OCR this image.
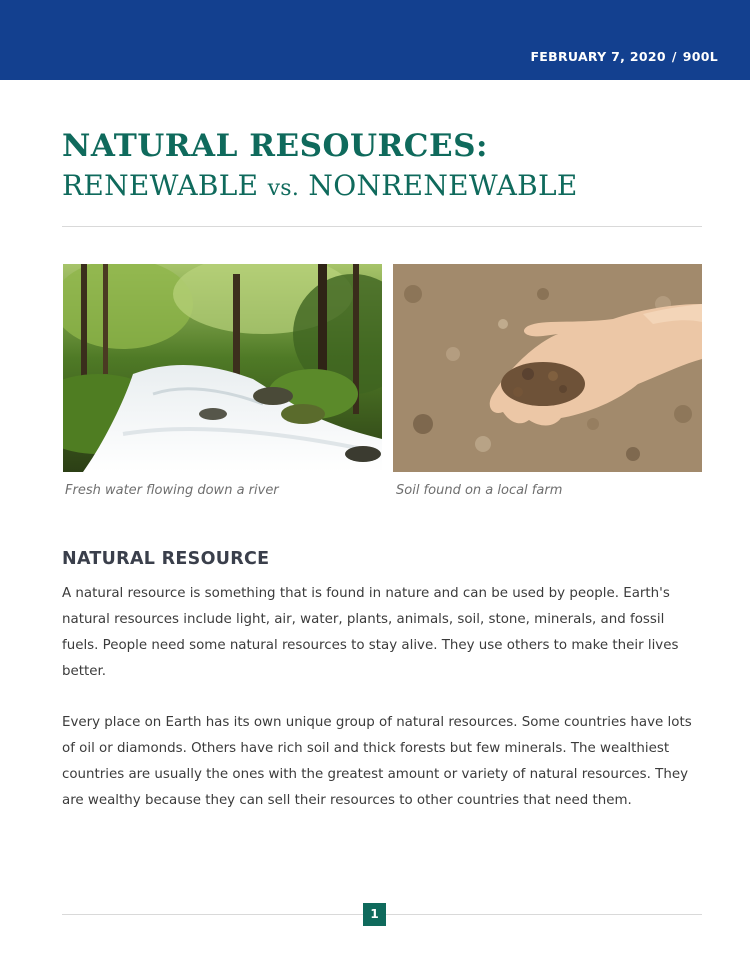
FEBRUARY 7, 2020 / 900L
NATURAL RESOURCES:
RENEWABLE vs. NONRENEWABLE

Fresh water flowing down a river	Soil found on a local farm

NATURAL RESOURCE

A natural resource is something that is found in nature and can be used by people. Earth's natural resources include light, air, water, plants, animals, soil, stone, minerals, and fossil fuels. People need some natural resources to stay alive. They use others to make their lives better.

Every place on Earth has its own unique group of natural resources. Some countries have lots of oil or diamonds. Others have rich soil and thick forests but few minerals. The wealthiest countries are usually the ones with the greatest amount or variety of natural resources. They are wealthy because they can sell their resources to other countries that need them.

1
